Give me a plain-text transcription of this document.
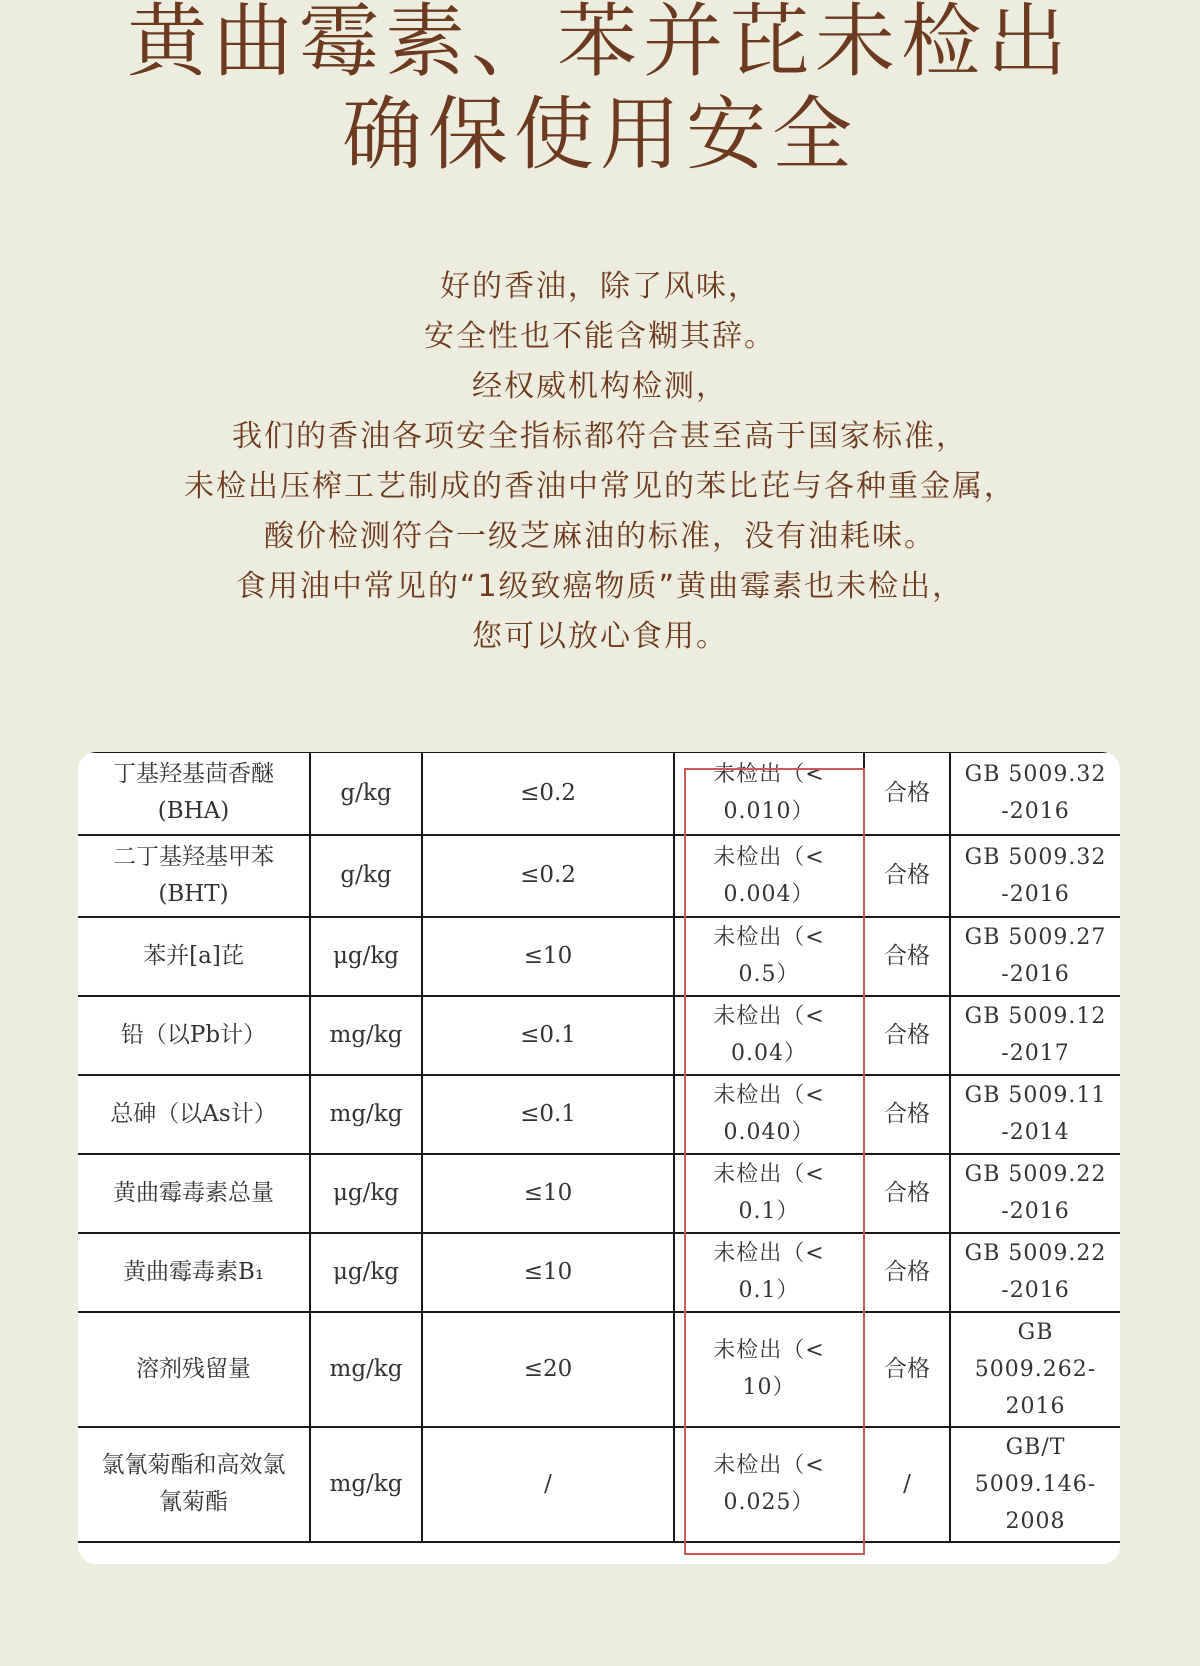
黄曲霉素、苯并芘未检出
确保使用安全
好的香油，除了风味，
安全性也不能含糊其辞。
经权威机构检测，
我们的香油各项安全指标都符合甚至高于国家标准，
未检出压榨工艺制成的香油中常见的苯比芘与各种重金属，
酸价检测符合一级芝麻油的标准，没有油耗味。
食用油中常见的“1级致癌物质”黄曲霉素也未检出，
您可以放心食用。
丁基羟基茴香醚
(BHA)	g/kg	≤0.2	未检出（<
0.010）	合格	GB 5009.32
-2016

二丁基羟基甲苯
(BHT)	g/kg	≤0.2	未检出（<
0.004）	合格	GB 5009.32
-2016

苯并[a]芘	μg/kg	≤10	未检出（<
0.5）	合格	GB 5009.27
-2016

铅（以Pb计）	mg/kg	≤0.1	未检出（<
0.04）	合格	GB 5009.12
-2017

总砷（以As计）	mg/kg	≤0.1	未检出（<
0.040）	合格	GB 5009.11
-2014

黄曲霉毒素总量	μg/kg	≤10	未检出（<
0.1）	合格	GB 5009.22
-2016

黄曲霉毒素B₁	μg/kg	≤10	未检出（<
0.1）	合格	GB 5009.22
-2016

溶剂残留量	mg/kg	≤20	未检出（<
10）	合格	GB
5009.262-
2016

氯氰菊酯和高效氯
氰菊酯	mg/kg	/	未检出（<
0.025）	/	GB/T
5009.146-
2008
